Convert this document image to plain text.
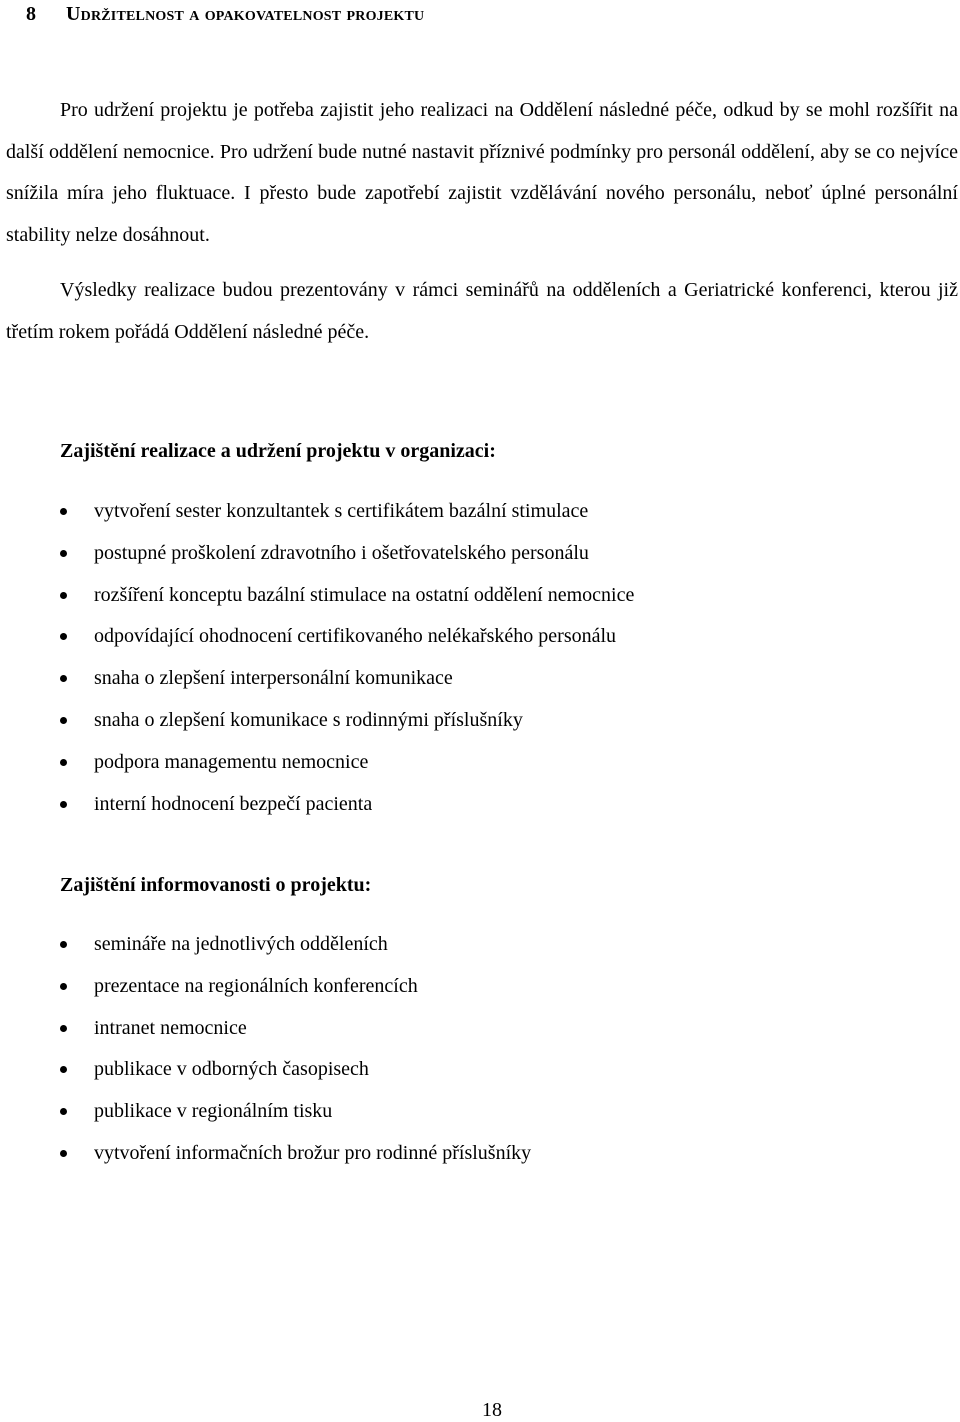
8 Udržitelnost a opakovatelnost projektu

Pro udržení projektu je potřeba zajistit jeho realizaci na Oddělení následné péče, odkud by se mohl rozšířit na další oddělení nemocnice. Pro udržení bude nutné nastavit příznivé podmínky pro personál oddělení, aby se co nejvíce snížila míra jeho fluktuace. I přesto bude zapotřebí zajistit vzdělávání nového personálu, neboť úplné personální stability nelze dosáhnout.

Výsledky realizace budou prezentovány v rámci seminářů na odděleních a Geriatrické konferenci, kterou již třetím rokem pořádá Oddělení následné péče.

Zajištění realizace a udržení projektu v organizaci:
vytvoření sester konzultantek s certifikátem bazální stimulace
postupné proškolení zdravotního i ošetřovatelského personálu
rozšíření konceptu bazální stimulace na ostatní oddělení nemocnice
odpovídající ohodnocení certifikovaného nelékařského personálu
snaha o zlepšení interpersonální komunikace
snaha o zlepšení komunikace s rodinnými příslušníky
podpora managementu nemocnice
interní hodnocení bezpečí pacienta
Zajištění informovanosti o projektu:
semináře na jednotlivých odděleních
prezentace na regionálních konferencích
intranet nemocnice
publikace v odborných časopisech
publikace v regionálním tisku
vytvoření informačních brožur pro rodinné příslušníky
18
